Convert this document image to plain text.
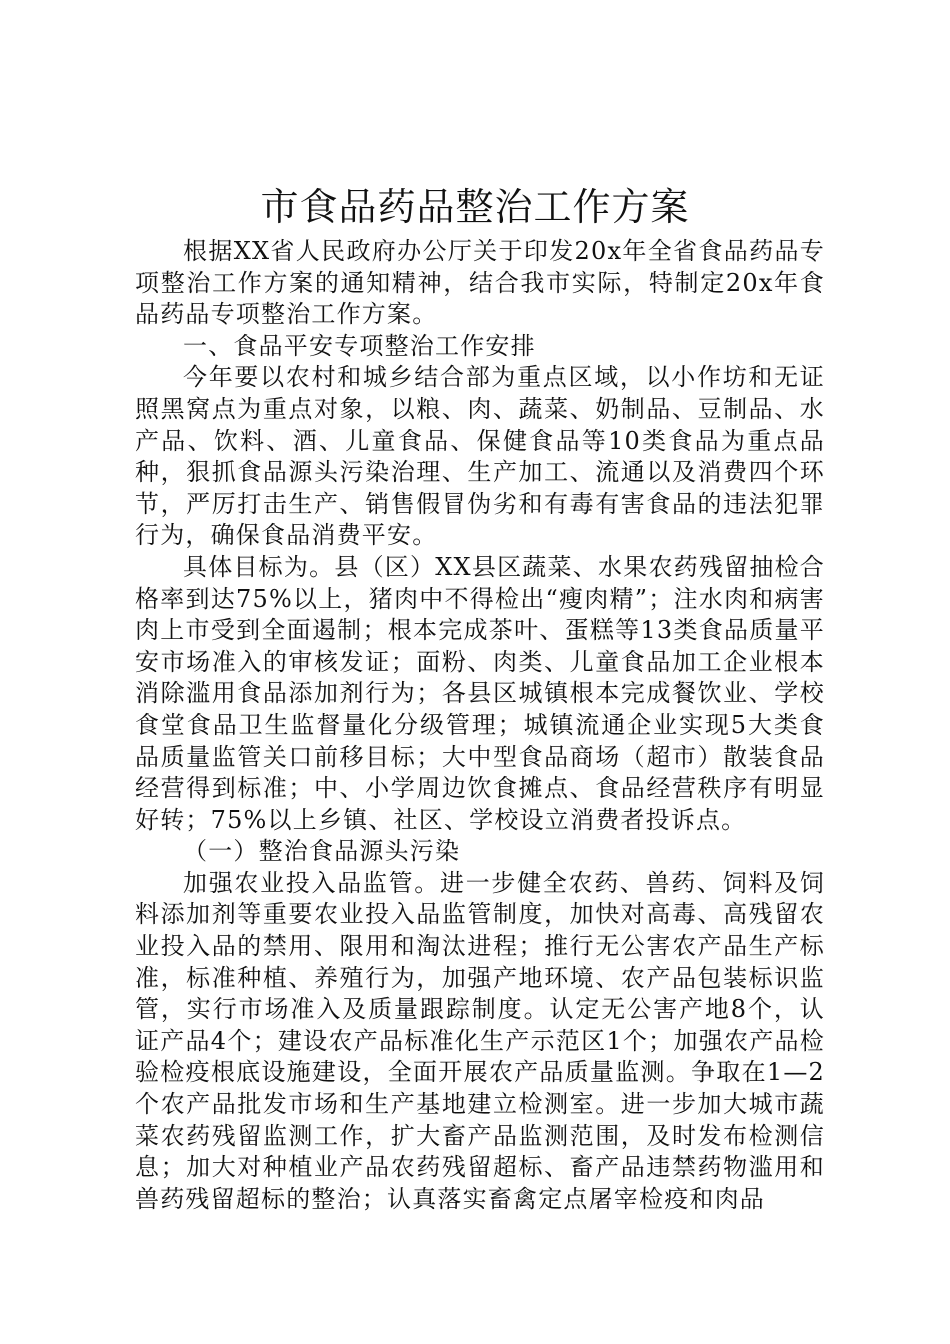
市食品药品整治工作方案

根据XX省人民政府办公厅关于印发20x年全省食品药品专项整治工作方案的通知精神，结合我市实际，特制定20x年食品药品专项整治工作方案。

一、食品平安专项整治工作安排

今年要以农村和城乡结合部为重点区域，以小作坊和无证照黑窝点为重点对象，以粮、肉、蔬菜、奶制品、豆制品、水产品、饮料、酒、儿童食品、保健食品等10类食品为重点品种，狠抓食品源头污染治理、生产加工、流通以及消费四个环节，严厉打击生产、销售假冒伪劣和有毒有害食品的违法犯罪行为，确保食品消费平安。

具体目标为。县（区）XX县区蔬菜、水果农药残留抽检合格率到达75%以上，猪肉中不得检出“瘦肉精”；注水肉和病害肉上市受到全面遏制；根本完成茶叶、蛋糕等13类食品质量平安市场准入的审核发证；面粉、肉类、儿童食品加工企业根本消除滥用食品添加剂行为；各县区城镇根本完成餐饮业、学校食堂食品卫生监督量化分级管理；城镇流通企业实现5大类食品质量监管关口前移目标；大中型食品商场（超市）散装食品经营得到标准；中、小学周边饮食摊点、食品经营秩序有明显好转；75%以上乡镇、社区、学校设立消费者投诉点。

（一）整治食品源头污染

加强农业投入品监管。进一步健全农药、兽药、饲料及饲料添加剂等重要农业投入品监管制度，加快对高毒、高残留农业投入品的禁用、限用和淘汰进程；推行无公害农产品生产标准，标准种植、养殖行为，加强产地环境、农产品包装标识监管，实行市场准入及质量跟踪制度。认定无公害产地8个，认证产品4个；建设农产品标准化生产示范区1个；加强农产品检验检疫根底设施建设，全面开展农产品质量监测。争取在1—2个农产品批发市场和生产基地建立检测室。进一步加大城市蔬菜农药残留监测工作，扩大畜产品监测范围，及时发布检测信息；加大对种植业产品农药残留超标、畜产品违禁药物滥用和兽药残留超标的整治；认真落实畜禽定点屠宰检疫和肉品
